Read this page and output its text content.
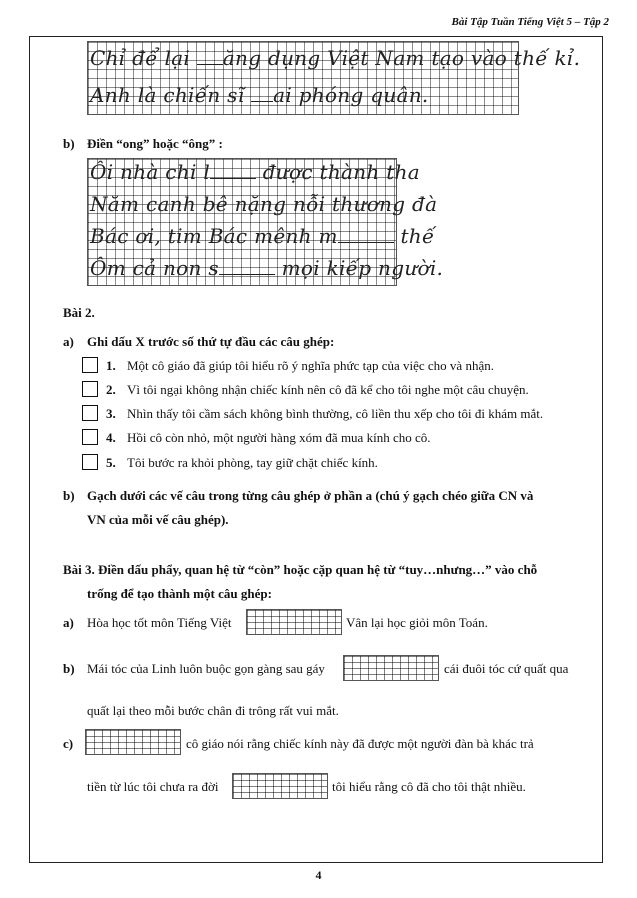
Bài Tập Tuần Tiếng Việt 5 – Tập 2
Chỉ để lại ăng dụng Việt Nam tạo vào thế kỉ.
Anh là chiến sĩ ai phóng quân.
b) Điền “ong” hoặc “ông” :
Ôi nhà chi l	được thành tha
Năm canh bê nặng nỗi thương đà
Bác ơi, tim Bác mênh m	thế
Ôm cả non s	mọi kiếp người.
Bài 2.
a) Ghi dấu X trước số thứ tự đầu các câu ghép:
1. Một cô giáo đã giúp tôi hiểu rõ ý nghĩa phức tạp của việc cho và nhận.
2. Vì tôi ngại không nhận chiếc kính nên cô đã kể cho tôi nghe một câu chuyện.
3. Nhìn thấy tôi cầm sách không bình thường, cô liền thu xếp cho tôi đi khám mắt.
4. Hồi cô còn nhỏ, một người hàng xóm đã mua kính cho cô.
5. Tôi bước ra khỏi phòng, tay giữ chặt chiếc kính.
b) Gạch dưới các vế câu trong từng câu ghép ở phần a (chú ý gạch chéo giữa CN và
VN của mỗi vế câu ghép).
Bài 3. Điền dấu phẩy, quan hệ từ “còn” hoặc cặp quan hệ từ “tuy…nhưng…” vào chỗ
trống để tạo thành một câu ghép:
a) Hòa học tốt môn Tiếng Việt	Vân lại học giỏi môn Toán.
b) Mái tóc của Linh luôn buộc gọn gàng sau gáy	cái đuôi tóc cứ quất qua
quất lại theo mỗi bước chân đi trông rất vui mắt.
c)	cô giáo nói rằng chiếc kính này đã được một người đàn bà khác trả
tiền từ lúc tôi chưa ra đời	tôi hiểu rằng cô đã cho tôi thật nhiều.
4
